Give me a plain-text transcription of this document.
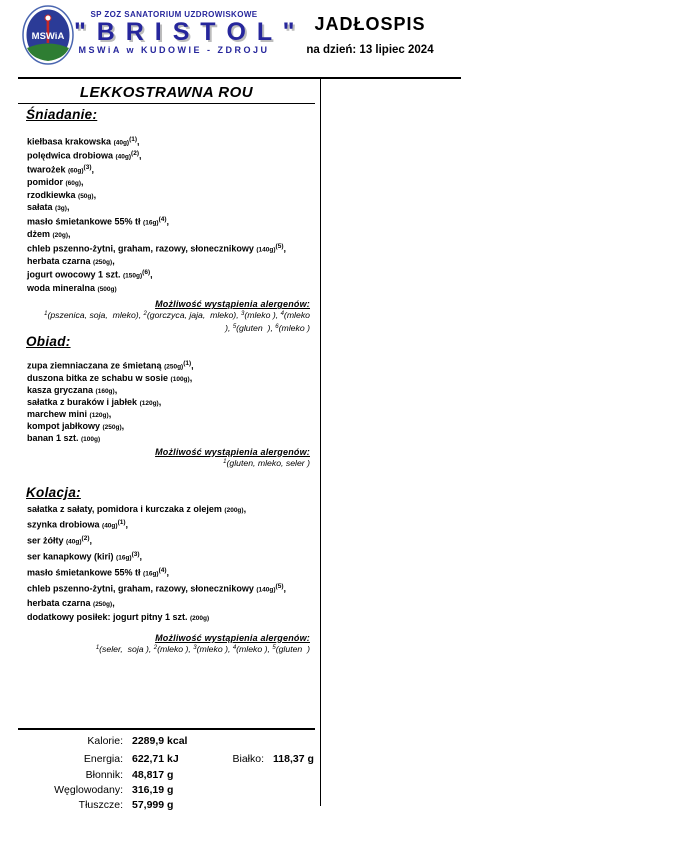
MSWiA
SP ZOZ SANATORIUM UZDROWISKOWE
" B R I S T O L "
MSWiA w KUDOWIE - ZDROJU
JADŁOSPIS
na dzień: 13 lipiec 2024
LEKKOSTRAWNA ROU
Śniadanie:
kiełbasa krakowska $(40g)^{(1)}$,
polędwica drobiowa $(40g)^{(2)}$,
twarożek $(60g)^{(3)}$,
pomidor (60g),
rzodkiewka (50g),
sałata (3g),
masło śmietankowe 55% tł $(16g)^{(4)}$,
dżem (20g),
chleb pszenno-żytni, graham, razowy, słonecznikowy $(140g)^{(5)}$,
herbata czarna (250g),
jogurt owocowy 1 szt. $(150g)^{(6)}$,
woda mineralna (500g)
Możliwość wystąpienia alergenów:
$^1$(pszenica, soja,  mleko), $^2$(gorczyca, jaja,  mleko), $^3$(mleko ), $^4$(mleko
), $^5$(gluten  ), $^6$(mleko )
Obiad:
zupa ziemniaczana ze śmietaną $(250g)^{(1)}$,
duszona bitka ze schabu w sosie (100g),
kasza gryczana (160g),
sałatka z buraków i jabłek (120g),
marchew mini (120g),
kompot jabłkowy (250g),
banan 1 szt. (100g)
Możliwość wystąpienia alergenów:
$^1$(gluten, mleko, seler )
Kolacja:
sałatka z sałaty, pomidora i kurczaka z olejem (200g),
szynka drobiowa $(40g)^{(1)}$,
ser żółty $(40g)^{(2)}$,
ser kanapkowy (kiri) $(16g)^{(3)}$,
masło śmietankowe 55% tł $(16g)^{(4)}$,
chleb pszenno-żytni, graham, razowy, słonecznikowy $(140g)^{(5)}$,
herbata czarna (250g),
dodatkowy posiłek: jogurt pitny 1 szt. (200g)
Możliwość wystąpienia alergenów:
$^1$(seler,  soja ), $^2$(mleko ), $^3$(mleko ), $^4$(mleko ), $^5$(gluten  )
Kalorie: 2289,9 kcal
Energia: 622,71 kJ	Białko: 118,37 g
Błonnik: 48,817 g
Węglowodany: 316,19 g
Tłuszcze: 57,999 g
